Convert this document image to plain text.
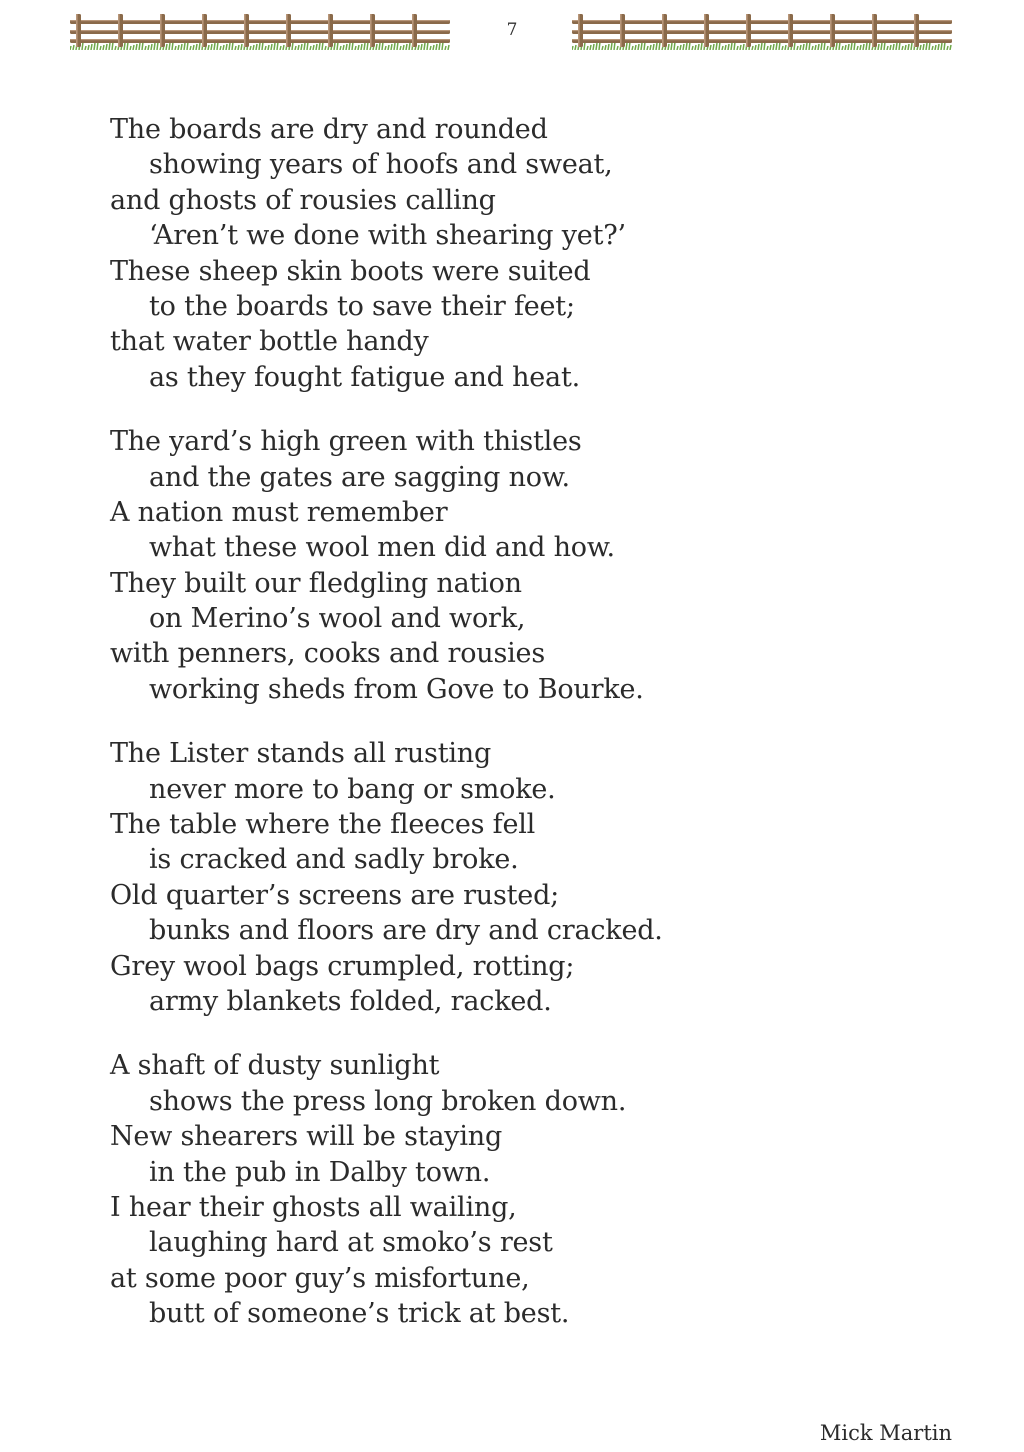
7
The boards are dry and rounded
showing years of hoofs and sweat,
and ghosts of rousies calling
‘Aren’t we done with shearing yet?’
These sheep skin boots were suited
to the boards to save their feet;
that water bottle handy
as they fought fatigue and heat.
The yard’s high green with thistles
and the gates are sagging now.
A nation must remember
what these wool men did and how.
They built our fledgling nation
on Merino’s wool and work,
with penners, cooks and rousies
working sheds from Gove to Bourke.
The Lister stands all rusting
never more to bang or smoke.
The table where the fleeces fell
is cracked and sadly broke.
Old quarter’s screens are rusted;
bunks and floors are dry and cracked.
Grey wool bags crumpled, rotting;
army blankets folded, racked.
A shaft of dusty sunlight
shows the press long broken down.
New shearers will be staying
in the pub in Dalby town.
I hear their ghosts all wailing,
laughing hard at smoko’s rest
at some poor guy’s misfortune,
butt of someone’s trick at best.
Mick Martin
